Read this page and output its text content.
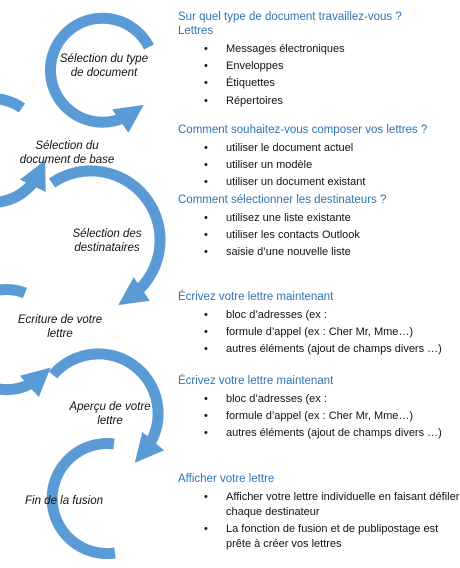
Sélection du type de document
Sélection du document de base
Sélection des destinataires
Ecriture de votre lettre
Aperçu de votre lettre
Fin de la fusion
Sur quel type de document travaillez-vous ?
Lettres
• Messages électroniques
• Enveloppes
• Étiquettes
• Répertoires
Comment souhaitez-vous composer vos lettres ?
• utiliser le document actuel
• utiliser un modèle
• utiliser un document existant
Comment sélectionner les destinateurs ?
• utilisez une liste existante
• utiliser les contacts Outlook
• saisie d’une nouvelle liste
Écrivez votre lettre maintenant
• bloc d’adresses (ex :
• formule d’appel (ex : Cher Mr, Mme…)
• autres éléments (ajout de champs divers …)
Écrivez votre lettre maintenant
• bloc d’adresses (ex :
• formule d’appel (ex : Cher Mr, Mme…)
• autres éléments (ajout de champs divers …)
Afficher votre lettre
• Afficher votre lettre individuelle en faisant défiler chaque destinateur
• La fonction de fusion et de publipostage est prête à créer vos lettres
